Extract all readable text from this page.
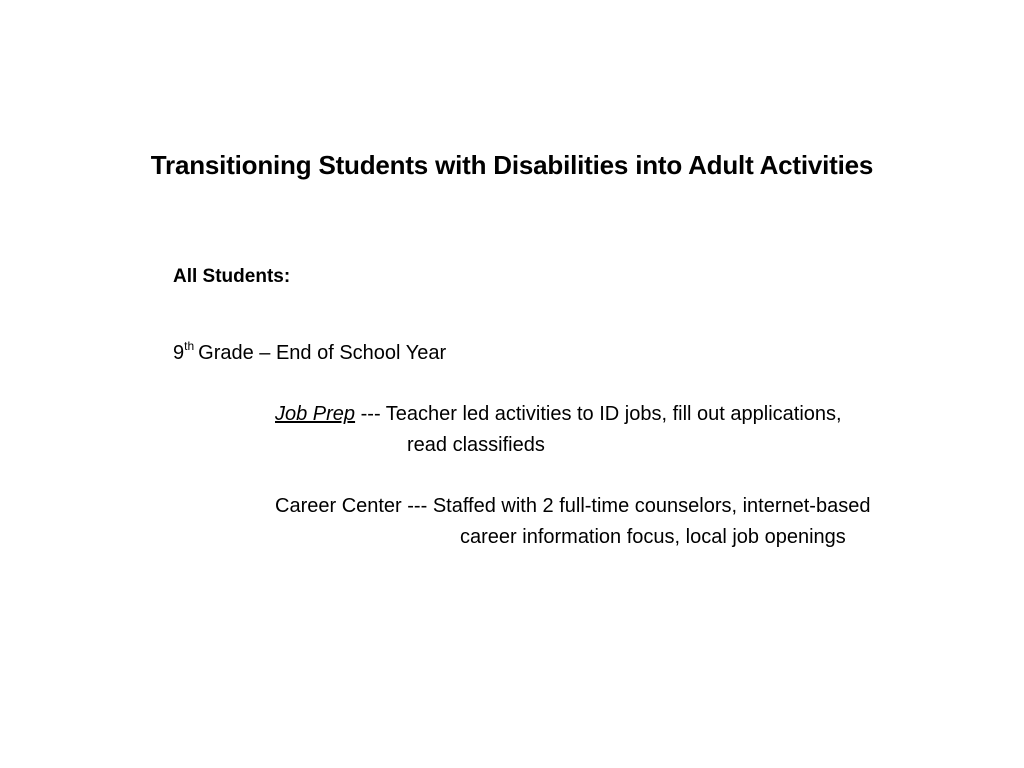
Transitioning Students with Disabilities into Adult Activities
All Students:
9th Grade – End of School Year
Job Prep --- Teacher led activities to ID jobs, fill out applications,
read classifieds
Career Center --- Staffed with 2 full-time counselors, internet-based
career information focus, local job openings
